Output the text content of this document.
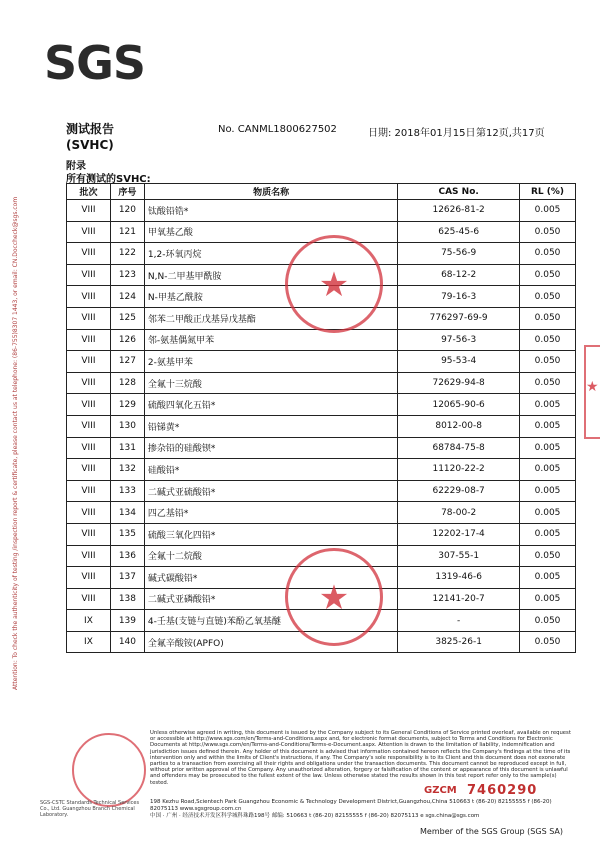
SGS
Attention: To check the authenticity of testing /inspection report & certificate, please contact us at telephone: (86-755)8307 1443, or email: CN.Doccheck@sgs.com
测试报告
(SVHC)
No. CANML1800627502	日期: 2018年01月15日 第12页,共17页
附录
所有测试的SVHC:
批次	序号	物质名称	CAS No.	RL (%)
VIII	120	钛酸铅锆*	12626-81-2	0.005
VIII	121	甲氧基乙酸	625-45-6	0.050
VIII	122	1,2-环氧丙烷	75-56-9	0.050
VIII	123	N,N-二甲基甲酰胺	68-12-2	0.050
VIII	124	N-甲基乙酰胺	79-16-3	0.050
VIII	125	邻苯二甲酸正戊基异戊基酯	776297-69-9	0.050
VIII	126	邻-氨基偶氮甲苯	97-56-3	0.050
VIII	127	2-氨基甲苯	95-53-4	0.050
VIII	128	全氟十三烷酸	72629-94-8	0.050
VIII	129	硫酸四氧化五铅*	12065-90-6	0.005
VIII	130	铅锑黄*	8012-00-8	0.005
VIII	131	掺杂铅的硅酸钡*	68784-75-8	0.005
VIII	132	硅酸铅*	11120-22-2	0.005
VIII	133	二碱式亚硫酸铅*	62229-08-7	0.005
VIII	134	四乙基铅*	78-00-2	0.005
VIII	135	硫酸三氧化四铅*	12202-17-4	0.005
VIII	136	全氟十二烷酸	307-55-1	0.050
VIII	137	碱式碳酸铅*	1319-46-6	0.005
VIII	138	二碱式亚磷酸铅*	12141-20-7	0.005
IX	139	4-壬基(支链与直链)苯酚乙氧基醚	-	0.050
IX	140	全氟辛酸铵(APFO)	3825-26-1	0.050
★
★
★
Unless otherwise agreed in writing, this document is issued by the Company subject to its General Conditions of Service printed overleaf, available on request or accessible at http://www.sgs.com/en/Terms-and-Conditions.aspx and, for electronic format documents, subject to Terms and Conditions for Electronic Documents at http://www.sgs.com/en/Terms-and-Conditions/Terms-e-Document.aspx. Attention is drawn to the limitation of liability, indemnification and jurisdiction issues defined therein. Any holder of this document is advised that information contained hereon reflects the Company's findings at the time of its intervention only and within the limits of Client's instructions, if any. The Company's sole responsibility is to its Client and this document does not exonerate parties to a transaction from exercising all their rights and obligations under the transaction documents. This document cannot be reproduced except in full, without prior written approval of the Company. Any unauthorized alteration, forgery or falsification of the content or appearance of this document is unlawful and offenders may be prosecuted to the fullest extent of the law. Unless otherwise stated the results shown in this test report refer only to the sample(s) tested.
GZCM 7460290
198 Kezhu Road,Scientech Park Guangzhou Economic & Technology Development District,Guangzhou,China 510663 t (86-20) 82155555 f (86-20) 82075113 www.sgsgroup.com.cn
中国 · 广州 · 经济技术开发区科学城科珠路198号 邮编: 510663 t (86-20) 82155555 f (86-20) 82075113 e sgs.china@sgs.com
SGS-CSTC Standards Technical Services Co., Ltd. Guangzhou Branch Chemical Laboratory.
Member of the SGS Group (SGS SA)
